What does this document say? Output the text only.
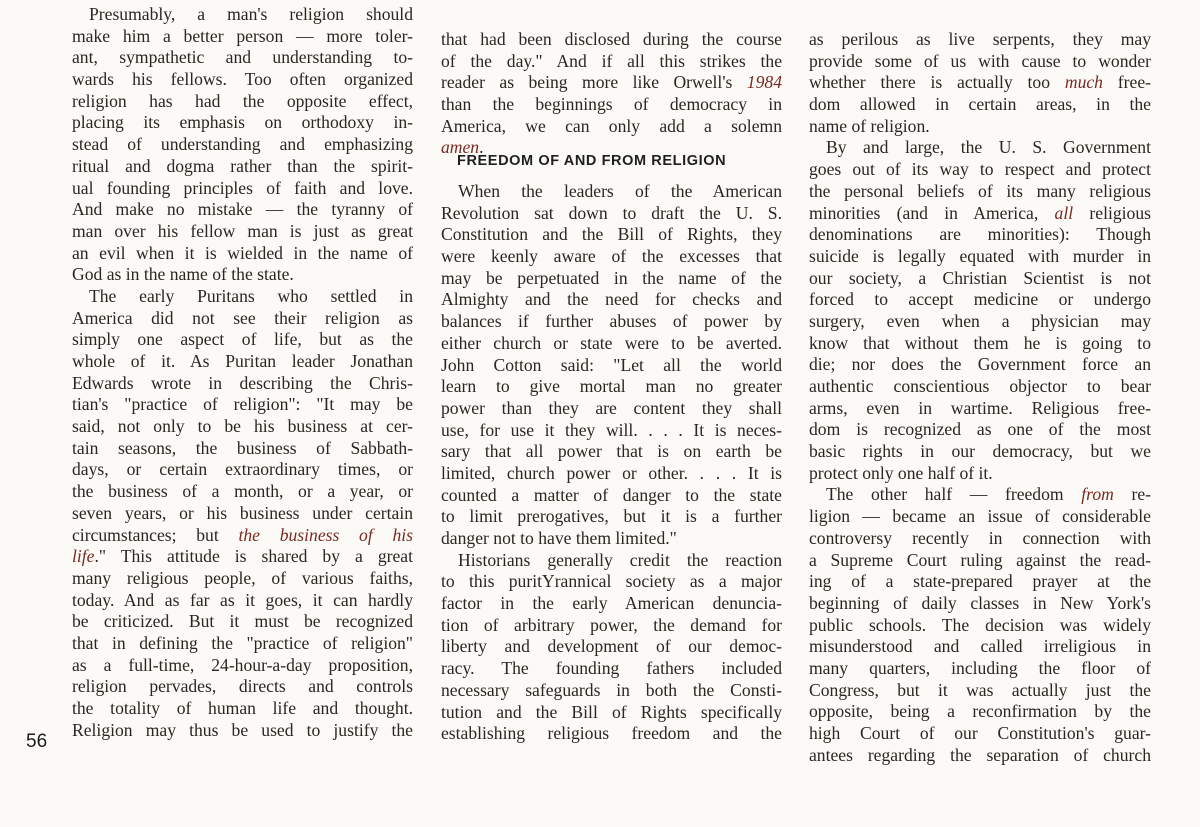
Presumably, a man's religion should
make him a better person — more toler-
ant, sympathetic and understanding to-
wards his fellows. Too often organized
religion has had the opposite effect,
placing its emphasis on orthodoxy in-
stead of understanding and emphasizing
ritual and dogma rather than the spirit-
ual founding principles of faith and love.
And make no mistake — the tyranny of
man over his fellow man is just as great
an evil when it is wielded in the name of
God as in the name of the state.
The early Puritans who settled in
America did not see their religion as
simply one aspect of life, but as the
whole of it. As Puritan leader Jonathan
Edwards wrote in describing the Chris-
tian's "practice of religion": "It may be
said, not only to be his business at cer-
tain seasons, the business of Sabbath-
days, or certain extraordinary times, or
the business of a month, or a year, or
seven years, or his business under certain
circumstances; but the business of his
life." This attitude is shared by a great
many religious people, of various faiths,
today. And as far as it goes, it can hardly
be criticized. But it must be recognized
that in defining the "practice of religion"
as a full-time, 24-hour-a-day proposition,
religion pervades, directs and controls
the totality of human life and thought.
Religion may thus be used to justify the
that had been disclosed during the course
of the day." And if all this strikes the
reader as being more like Orwell's 1984
than the beginnings of democracy in
America, we can only add a solemn
amen.
FREEDOM OF AND FROM RELIGION
When the leaders of the American
Revolution sat down to draft the U. S.
Constitution and the Bill of Rights, they
were keenly aware of the excesses that
may be perpetuated in the name of the
Almighty and the need for checks and
balances if further abuses of power by
either church or state were to be averted.
John Cotton said: "Let all the world
learn to give mortal man no greater
power than they are content they shall
use, for use it they will. . . . It is neces-
sary that all power that is on earth be
limited, church power or other. . . . It is
counted a matter of danger to the state
to limit prerogatives, but it is a further
danger not to have them limited."
Historians generally credit the reaction
to this puritYrannical society as a major
factor in the early American denuncia-
tion of arbitrary power, the demand for
liberty and development of our democ-
racy. The founding fathers included
necessary safeguards in both the Consti-
tution and the Bill of Rights specifically
establishing religious freedom and the
as perilous as live serpents, they may
provide some of us with cause to wonder
whether there is actually too much free-
dom allowed in certain areas, in the
name of religion.
By and large, the U. S. Government
goes out of its way to respect and protect
the personal beliefs of its many religious
minorities (and in America, all religious
denominations are minorities): Though
suicide is legally equated with murder in
our society, a Christian Scientist is not
forced to accept medicine or undergo
surgery, even when a physician may
know that without them he is going to
die; nor does the Government force an
authentic conscientious objector to bear
arms, even in wartime. Religious free-
dom is recognized as one of the most
basic rights in our democracy, but we
protect only one half of it.
The other half — freedom from re-
ligion — became an issue of considerable
controversy recently in connection with
a Supreme Court ruling against the read-
ing of a state-prepared prayer at the
beginning of daily classes in New York's
public schools. The decision was widely
misunderstood and called irreligious in
many quarters, including the floor of
Congress, but it was actually just the
opposite, being a reconfirmation by the
high Court of our Constitution's guar-
antees regarding the separation of church
56
